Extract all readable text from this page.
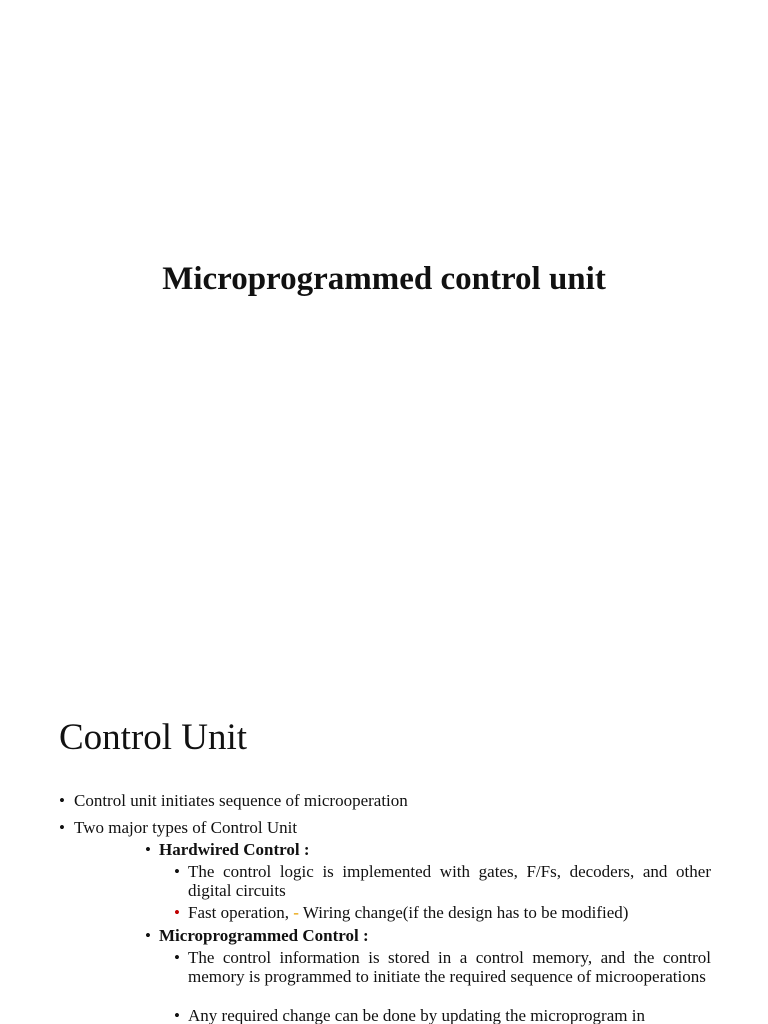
Microprogrammed control unit
Control Unit
• Control unit initiates sequence of microoperation
• Two major types of Control Unit
• Hardwired Control :
• The control logic is implemented with gates, F/Fs, decoders, and other digital circuits
• Fast operation, - Wiring change(if the design has to be modified)
• Microprogrammed Control :
• The control information is stored in a control memory, and the control memory is programmed to initiate the required sequence of microoperations
• Any required change can be done by updating the microprogram in
